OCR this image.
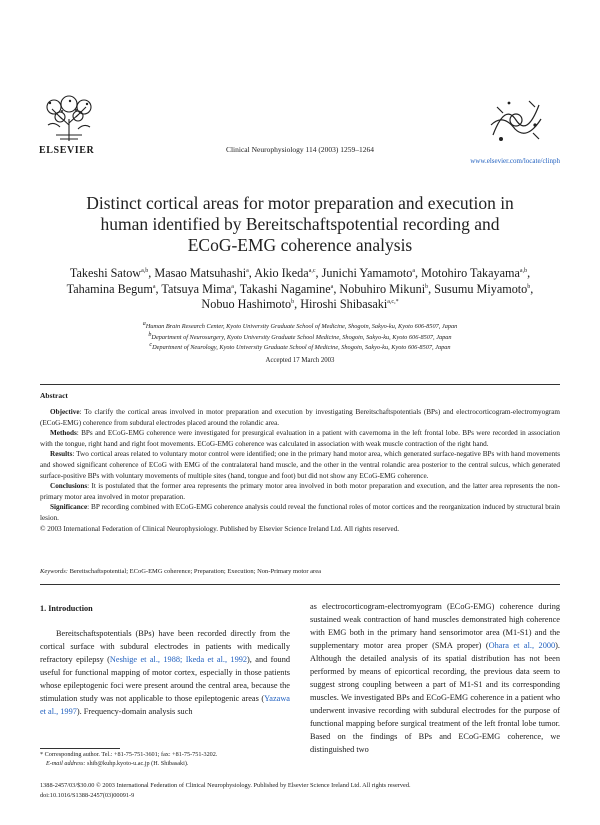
ELSEVIER	Clinical Neurophysiology 114 (2003) 1259–1264
www.elsevier.com/locate/clinph
Distinct cortical areas for motor preparation and execution in
human identified by Bereitschaftspotential recording and
ECoG-EMG coherence analysis
Takeshi Satow$^{a,b}$, Masao Matsuhashi$^a$, Akio Ikeda$^{a,c}$, Junichi Yamamoto$^a$, Motohiro Takayama$^{a,b}$,
Tahamina Begum$^a$, Tatsuya Mima$^a$, Takashi Nagamine$^a$, Nobuhiro Mikuni$^b$, Susumu Miyamoto$^b$,
Nobuo Hashimoto$^b$, Hiroshi Shibasaki$^{a,c,*}$
$^a$Human Brain Research Center, Kyoto University Graduate School of Medicine, Shogoin, Sakyo-ku, Kyoto 606-8507, Japan
$^b$Department of Neurosurgery, Kyoto University Graduate School Medicine, Shogoin, Sakyo-ku, Kyoto 606-8507, Japan
$^c$Department of Neurology, Kyoto University Graduate School of Medicine, Shogoin, Sakyo-ku, Kyoto 606-8507, Japan
Accepted 17 March 2003
Abstract

Objective: To clarify the cortical areas involved in motor preparation and execution by investigating Bereitschaftspotentials (BPs) and electrocorticogram-electromyogram (ECoG-EMG) coherence from subdural electrodes placed around the rolandic area.

Methods: BPs and ECoG-EMG coherence were investigated for presurgical evaluation in a patient with cavernoma in the left frontal lobe. BPs were recorded in association with the tongue, right hand and right foot movements. ECoG-EMG coherence was calculated in association with weak muscle contraction of the right hand.

Results: Two cortical areas related to voluntary motor control were identified; one in the primary hand motor area, which generated surface-negative BPs with hand movements and showed significant coherence of ECoG with EMG of the contralateral hand muscle, and the other in the ventral rolandic area posterior to the central sulcus, which generated surface-positive BPs with voluntary movements of multiple sites (hand, tongue and foot) but did not show any ECoG-EMG coherence.

Conclusions: It is postulated that the former area represents the primary motor area involved in both motor preparation and execution, and the latter area represents the non-primary motor area involved in motor preparation.

Significance: BP recording combined with ECoG-EMG coherence analysis could reveal the functional roles of motor cortices and the reorganization induced by structural brain lesion.

© 2003 International Federation of Clinical Neurophysiology. Published by Elsevier Science Ireland Ltd. All rights reserved.

Keywords: Bereitschaftspotential; ECoG-EMG coherence; Preparation; Execution; Non-Primary motor area
1. Introduction

Bereitschaftspotentials (BPs) have been recorded directly from the cortical surface with subdural electrodes in patients with medically refractory epilepsy (Neshige et al., 1988; Ikeda et al., 1992), and found useful for functional mapping of motor cortex, especially in those patients whose epileptogenic foci were present around the central area, because the stimulation study was not applicable to those epileptogenic areas (Yazawa et al., 1997). Frequency-domain analysis such

as electrocorticogram-electromyogram (ECoG-EMG) coherence during sustained weak contraction of hand muscles demonstrated high coherence with EMG both in the primary hand sensorimotor area (M1-S1) and the supplementary motor area proper (SMA proper) (Ohara et al., 2000). Although the detailed analysis of its spatial distribution has not been performed by means of epicortical recording, the previous data seem to suggest strong coupling between a part of M1-S1 and its corresponding muscles. We investigated BPs and ECoG-EMG coherence in a patient who underwent invasive recording with subdural electrodes for the purpose of functional mapping before surgical treatment of the left frontal lobe tumor. Based on the findings of BPs and ECoG-EMG coherence, we distinguished two

* Corresponding author. Tel.: +81-75-751-3601; fax: +81-75-751-3202.
E-mail address: shib@kuhp.kyoto-u.ac.jp (H. Shibasaki).
1388-2457/03/$30.00 © 2003 International Federation of Clinical Neurophysiology. Published by Elsevier Science Ireland Ltd. All rights reserved.
doi:10.1016/S1388-2457(03)00091-9
